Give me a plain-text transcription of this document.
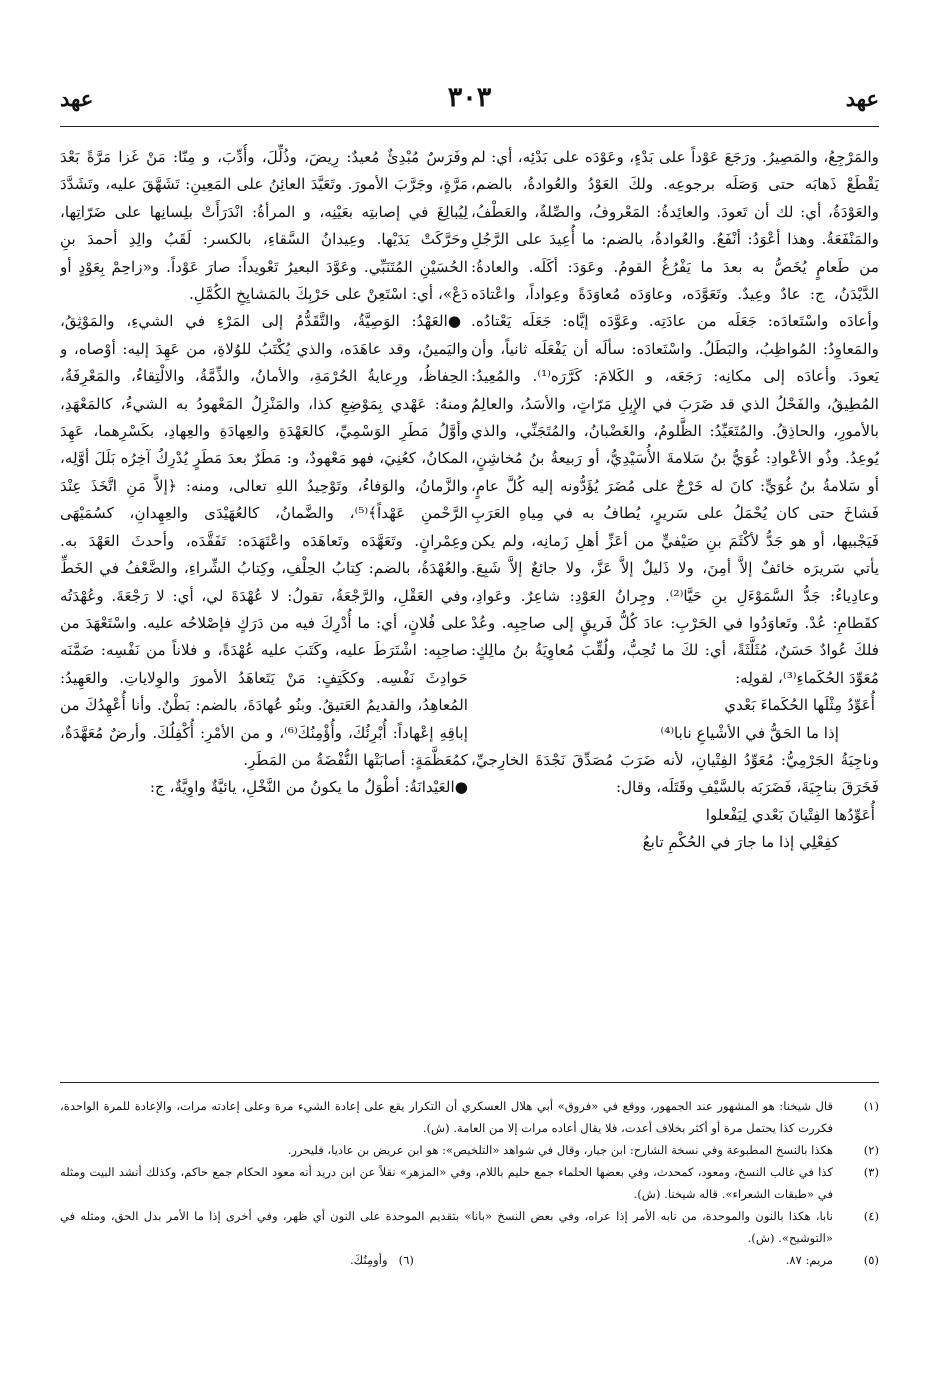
عهد
٣٠٣
عهد

والمَرْجِعُ، والمَصِيرُ. ورَجَعَ عَوْداً على بَدْءٍ، وعَوْدَه على بَدْئِه، أي: لم يَقْطَعْ ذَهابَه حتى وَصَلَه برجوعِه. ولكَ العَوْدُ والعُوادةُ، بالضم، والعَوْدَةُ، أي: لك أن تَعودَ. والعائِدةُ: المَعْروفُ، والصِّلةُ، والعَطْفُ، والمَنْفَعَةُ. وهذا أعْوَدُ: أنْفَعُ. والعُوادةُ، بالضم: ما أُعِيدَ على الرَّجُلِ من طَعامٍ يُخَصُّ به بعدَ ما يَفْرُغُ القومُ. وعَوَدَ: أكَلَه. والعادةُ: الدَّيْدَنُ، ج: عادٌ وعِيدٌ. وتَعَوَّدَه، وعاوَدَه مُعاوَدَةً وعِواداً، واعْتادَه وأعادَه واسْتَعادَه: جَعَلَه من عادَتِه. وعَوَّدَه إيَّاه: جَعَلَه يَعْتادُه. والمَعاوِدُ: المُواظِبُ، والبَطَلُ. واسْتَعادَه: سألَه أن يَفْعَلَه ثانياً، وأن يَعودَ. وأعادَه إلى مكانِه: رَجَعَه، و الكَلامَ: كَرَّرَه⁽¹⁾. والمُعِيدُ: المُطِيقُ، والفَحْلُ الذي قد ضَرَبَ في الإِبِلِ مَرّاتٍ، والأسَدُ، والعالِمُ بالأمورِ، والحاذِقُ. والمُتَعَيِّدُ: الظَّلومُ، والغَضْبانُ، والمُتَجَنِّي، والذي يُوعِدُ. وذُو الأعْوادِ: غُوَيُّ بنُ سَلامةَ الأُسَيْدِيُّ، أو رَبيعةُ بنُ مُخاشِنٍ، أو سَلامةُ بنُ غُوَيٍّ: كانَ له خَرْجٌ على مُضَرَ يُؤَدُّونه إليه كُلَّ عامٍ، فَشاخَ حتى كان يُحْمَلُ على سَريرٍ، يُطافُ به في مِياهِ العَرَبِ فَيَجْبيها، أو هو جَدُّ لأكْثَمَ بنِ صَيْفيٍّ من أعَزِّ أهلِ زَمانِه، ولم يكن يأتي سَريرَه خائفٌ إلاَّ أمِنَ، ولا ذَليلٌ إلاَّ عَزَّ، ولا جائعٌ إلاَّ شَبِعَ. وعادِياءُ: جَدُّ السَّمَوْءَلِ بنِ حَيَّا⁽²⁾. وجِرانُ العَوْدِ: شاعِرٌ. وعَوادِ، كقَطامِ: عُدْ. وتَعاوَدُوا في الحَرْبِ: عادَ كُلُّ فَريقٍ إلى صاحِبِه. وعُدْ فلكَ عُوادٌ حَسَنٌ، مُثَلَّثَةً، أي: لكَ ما تُحِبُّ، ولُقِّبَ مُعاوِيَةُ بنُ مالِكٍ: مُعَوِّدَ الحُكَماءِ⁽³⁾، لقولِه:

أُعَوِّدُ مِثْلَها الحُكَماءَ بَعْدي

إذا ما الحَقُّ في الأشْياعِ نابا⁽⁴⁾

وناجِيَةُ الجَرْمِيُّ: مُعَوِّدُ الفِتْيانِ، لأنه ضَرَبَ مُصَدِّقَ نَجْدَةَ الخارِجيِّ، فَخَرَقَ بناجِيَةَ، فَضَرَبَه بالسَّيْفِ وقَتَلَه، وقال:

أُعَوِّدُها الفِتْيانَ بَعْدي لِيَفْعلوا

كفِعْلِي إذا ما جارَ في الحُكْمِ تابعُ

وفَرَسٌ مُبْدِئٌ مُعيدٌ: رِيضَ، وذُلِّلَ، وأُدِّبَ، و مِنّا: مَنْ غَزا مَرَّةً بَعْدَ مَرَّةٍ، وجَرَّبَ الأمورَ. وتَعَيَّدَ العائِنُ على المَعِينِ: تَشَهَّقَ عليه، وتَشَدَّدَ لِيُبالِغَ في إصابتِه بعَيْنِه، و المرأةُ: انْدَرَأَتْ بلِسانِها على ضَرّاتِها، وحَرَّكَتْ يَدَيْها. وعِيدانُ السَّقاءِ، بالكسر: لَقَبُ والِدِ أحمدَ بنِ الحُسَيْنِ المُتَنَبِّي. وعَوَّدَ البعيرُ تَعْويداً: صارَ عَوْداً. و«زاحِمْ بِعَوْدٍ أو دَعْ»، أي: اسْتَعِنْ على حَرْبِكَ بالمَشايِخِ الكُمَّلِ.

●العَهْدُ: الوَصِيَّةُ، والتَّقَدُّمُ إلى المَرْءِ في الشيءِ، والمَوْثِقُ، واليَمينُ، وقد عاهَدَه، والذي يُكْتَبُ للوُلاةِ، من عَهِدَ إليه: أوْصاه، و الحِفاظُ، ورِعايةُ الحُرْمَةِ، والأمانُ، والذِّمَّةُ، والالْتِقاءُ، والمَعْرِفَةُ، ومنهُ: عَهْدي بِمَوْضِعِ كذا، والمَنْزِلُ المَعْهودُ به الشيءُ، كالمَعْهَدِ، وأوَّلُ مَطَرِ الوَسْمِيِّ، كالعَهْدَةِ والعِهادَةِ والعِهادِ، بكَسْرِهما، عَهِدَ المكانُ، كعُنِيَ، فهو مَعْهودٌ، و: مَطَرٌ بعدَ مَطَرٍ يُدْرِكُ آخِرُه بَلَلَ أوَّلِه، والزَّمانُ، والوَفاءُ، وتَوْحِيدُ اللهِ تعالى، ومنه: ﴿إلاَّ مَنِ اتَّخَذَ عِنْدَ الرَّحْمنِ عَهْداً﴾⁽⁵⁾، والضَّمانُ، كالعُهَيْدَى والعِهِدانِ، كسُمَيْهَى وعِمْرانٍ. وتَعَهَّدَه وتَعاهَدَه واعْتَهَدَه: تَفَقَّدَه، وأحدثَ العَهْدَ به. والعُهْدَةُ، بالضم: كِتابُ الحِلْفِ، وكِتابُ الشِّراءِ، والضَّعْفُ في الخَطِّ وفي العَقْلِ، والرَّجْعَةُ، تقولُ: لا عُهْدَةَ لي، أي: لا رَجْعَةَ. وعُهْدَتُه على فُلانٍ، أي: ما أُدْرِكَ فيه من دَرَكٍ فإصْلاحُه عليه. واسْتَعْهَدَ من صاحِبِه: اشْتَرَطَ عليه، وكَتَبَ عليه عُهْدَةً، و فلاناً من نَفْسِه: ضَمَّنَه حَوادِثَ نَفْسِه. وككَتِفٍ: مَنْ يَتَعاهَدُ الأمورَ والوِلاياتِ. والعَهِيدُ: المُعاهِدُ، والقديمُ العَتيقُ. وبنُو عُهادَةَ، بالضم: بَطْنٌ. وأنا أُعْهِدُكَ من إباقِهِ إعْهاداً: أُبْرِئُكَ، وأُؤْمِنُكَ⁽⁶⁾، و من الأمْرِ: أُكْفِلُكَ. وأرضٌ مُعَهَّدَةٌ، كمُعَظَّمَةٍ: أصابَتْها النُّفْضَةُ من المَطَرِ.

●العَيْدانَةُ: أطْوَلُ ما يكونُ من النَّخْلِ، يائيَّةٌ واوِيَّةٌ، ج:

(١)
قال شيخنا: هو المشهور عند الجمهور، ووقع في «فروق» أبي هلال العسكري أن التكرار يقع على إعادة الشيء مرة وعلى إعادته مرات، والإعادة للمرة الواحدة، فكررت كذا يحتمل مرة أو أكثر بخلاف أعدت، فلا يقال أعاده مرات إلا من العامة. (ش).
(٢)
هكذا بالنسخ المطبوعة وفي نسخة الشارح: ابن جيار، وقال في شواهد «التلخيص»: هو ابن عريض بن عاديا، فليحرر.
(٣)
كذا في غالب النسخ، ومعود، كمحدث، وفي بعضها الحلماء جمع حليم باللام، وفي «المزهر» نقلاً عن ابن دريد أنه معود الحكام جمع حاكم، وكذلك أنشد البيت ومثله في «طبقات الشعراء». قاله شيخنا. (ش).
(٤)
نابا، هكذا بالنون والموحدة، من نابه الأمر إذا عراه، وفي بعض النسخ «بانا» بتقديم الموحدة على النون أي ظهر، وفي أخرى إذا ما الأمر بدل الحق، ومثله في «التوشيح». (ش).
(٥)
مريم: ٨٧.
(٦)   وأومِنُكَ.
